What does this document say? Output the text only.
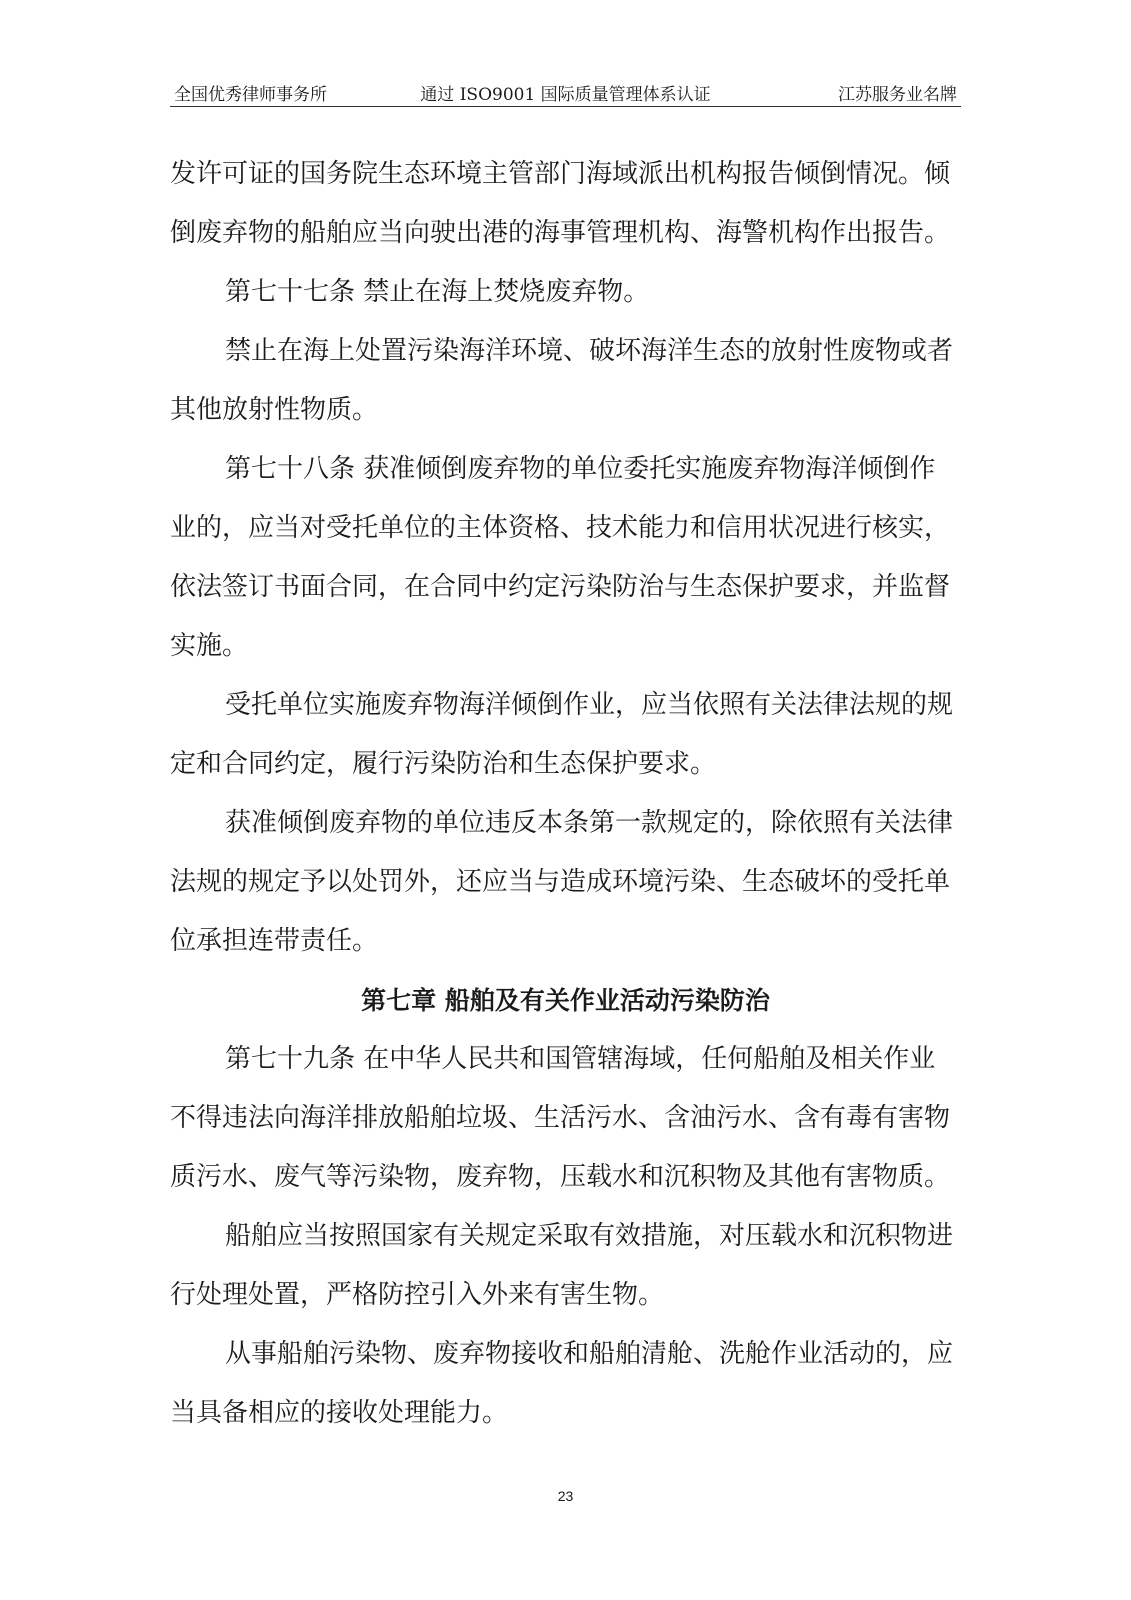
全国优秀律师事务所	通过 ISO9001 国际质量管理体系认证	江苏服务业名牌
发许可证的国务院生态环境主管部门海域派出机构报告倾倒情况。倾
倒废弃物的船舶应当向驶出港的海事管理机构、海警机构作出报告。
第七十七条 禁止在海上焚烧废弃物。
禁止在海上处置污染海洋环境、破坏海洋生态的放射性废物或者
其他放射性物质。
第七十八条 获准倾倒废弃物的单位委托实施废弃物海洋倾倒作
业的，应当对受托单位的主体资格、技术能力和信用状况进行核实，
依法签订书面合同，在合同中约定污染防治与生态保护要求，并监督
实施。
受托单位实施废弃物海洋倾倒作业，应当依照有关法律法规的规
定和合同约定，履行污染防治和生态保护要求。
获准倾倒废弃物的单位违反本条第一款规定的，除依照有关法律
法规的规定予以处罚外，还应当与造成环境污染、生态破坏的受托单
位承担连带责任。
第七章 船舶及有关作业活动污染防治
第七十九条 在中华人民共和国管辖海域，任何船舶及相关作业
不得违法向海洋排放船舶垃圾、生活污水、含油污水、含有毒有害物
质污水、废气等污染物，废弃物，压载水和沉积物及其他有害物质。
船舶应当按照国家有关规定采取有效措施，对压载水和沉积物进
行处理处置，严格防控引入外来有害生物。
从事船舶污染物、废弃物接收和船舶清舱、洗舱作业活动的，应
当具备相应的接收处理能力。
23
